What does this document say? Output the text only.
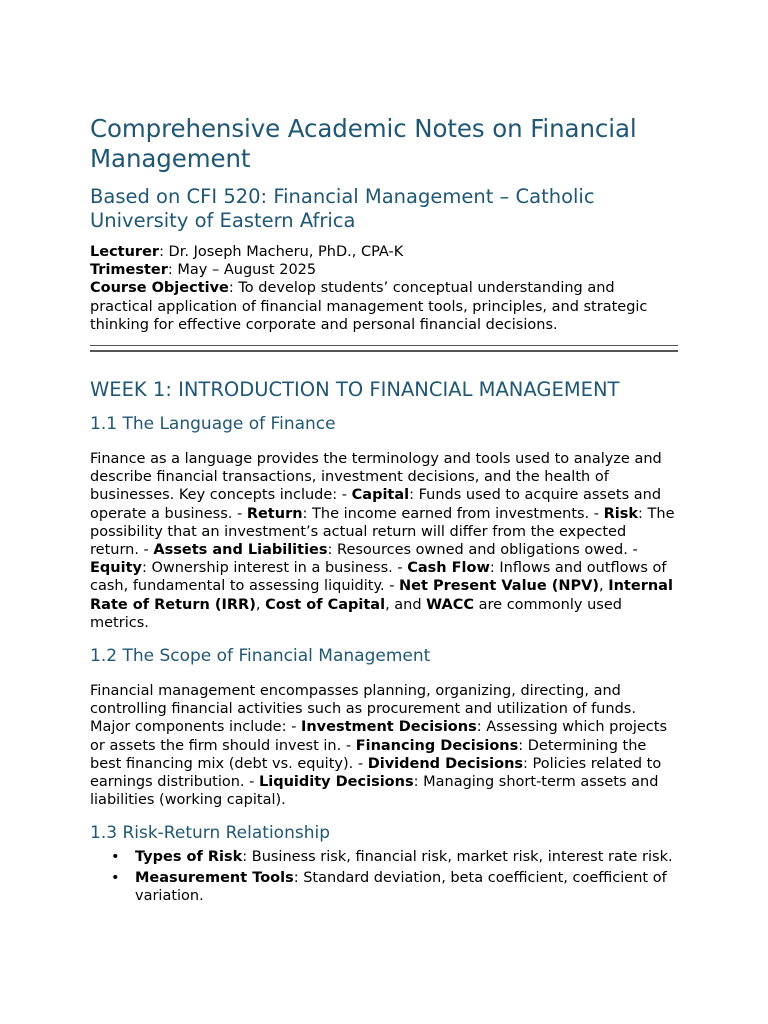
Comprehensive Academic Notes on Financial Management
Based on CFI 520: Financial Management – Catholic University of Eastern Africa

Lecturer: Dr. Joseph Macheru, PhD., CPA-K

Trimester: May – August 2025

Course Objective: To develop students’ conceptual understanding and practical application of financial management tools, principles, and strategic thinking for effective corporate and personal financial decisions.

WEEK 1: INTRODUCTION TO FINANCIAL MANAGEMENT
1.1 The Language of Finance

Finance as a language provides the terminology and tools used to analyze and describe financial transactions, investment decisions, and the health of businesses. Key concepts include: - Capital: Funds used to acquire assets and operate a business. - Return: The income earned from investments. - Risk: The possibility that an investment’s actual return will differ from the expected return. - Assets and Liabilities: Resources owned and obligations owed. - Equity: Ownership interest in a business. - Cash Flow: Inflows and outflows of cash, fundamental to assessing liquidity. - Net Present Value (NPV), Internal Rate of Return (IRR), Cost of Capital, and WACC are commonly used metrics.

1.2 The Scope of Financial Management

Financial management encompasses planning, organizing, directing, and controlling financial activities such as procurement and utilization of funds. Major components include: - Investment Decisions: Assessing which projects or assets the firm should invest in. - Financing Decisions: Determining the best financing mix (debt vs. equity). - Dividend Decisions: Policies related to earnings distribution. - Liquidity Decisions: Managing short-term assets and liabilities (working capital).

1.3 Risk-Return Relationship
• Types of Risk: Business risk, financial risk, market risk, interest rate risk.
• Measurement Tools: Standard deviation, beta coefficient, coefficient of variation.
